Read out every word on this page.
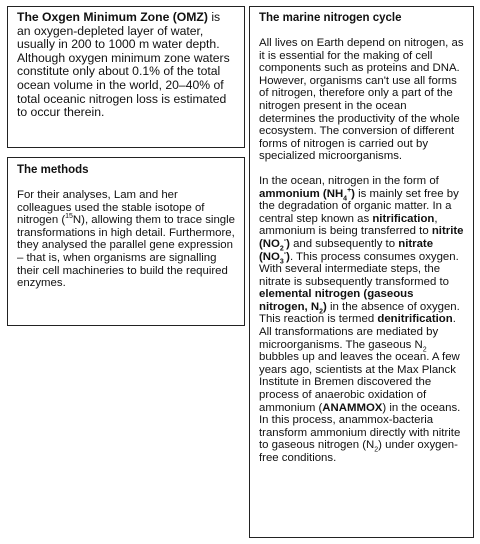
The Oxgen Minimum Zone (OMZ) is an oxygen-depleted layer of water, usually in 200 to 1000 m water depth. Although oxygen minimum zone waters constitute only about 0.1% of the total ocean volume in the world, 20–40% of total oceanic nitrogen loss is estimated to occur therein.

The methods

For their analyses, Lam and her colleagues used the stable isotope of nitrogen ($^{15}$N), allowing them to trace single transformations in high detail. Furthermore, they analysed the parallel gene expression – that is, when organisms are signalling their cell machineries to build the required enzymes.

The marine nitrogen cycle

All lives on Earth depend on nitrogen, as it is essential for the making of cell components such as proteins and DNA. However, organisms can't use all forms of nitrogen, therefore only a part of the nitrogen present in the ocean determines the productivity of the whole ecosystem. The conversion of different forms of nitrogen is carried out by specialized microorganisms.

In the ocean, nitrogen in the form of ammonium $(NH_4^+)$ is mainly set free by the degradation of organic matter. In a central step known as nitrification, ammonium is being transferred to nitrite $(NO_2^-)$ and subsequently to nitrate $(NO_3^-)$. This process consumes oxygen. With several intermediate steps, the nitrate is subsequently transformed to elemental nitrogen (gaseous nitrogen, $N_2$) in the absence of oxygen. This reaction is termed denitrification. All transformations are mediated by microorganisms. The gaseous $N_2$ bubbles up and leaves the ocean. A few years ago, scientists at the Max Planck Institute in Bremen discovered the process of anaerobic oxidation of ammonium (ANAMMOX) in the oceans. In this process, anammox-bacteria transform ammonium directly with nitrite to gaseous nitrogen $(N_2)$ under oxygen-free conditions.
